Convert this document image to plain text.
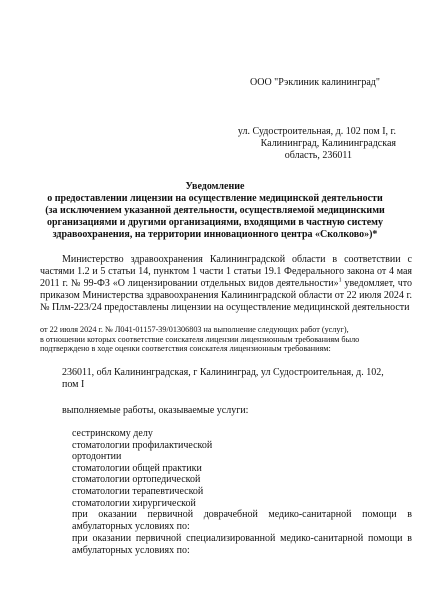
ООО "Рэклиник калининград"
ул. Судостроительная, д. 102 пом I, г.
Калининград, Калининградская
область, 236011
Уведомление
о предоставлении лицензии на осуществление медицинской деятельности
(за исключением указанной деятельности, осуществляемой медицинскими
организациями и другими организациями, входящими в частную систему
здравоохранения, на территории инновационного центра «Сколково»)*
Министерство здравоохранения Калининградской области в соответствии с частями 1.2 и 5 статьи 14, пунктом 1 части 1 статьи 19.1 Федерального закона от 4 мая 2011 г. № 99-ФЗ «О лицензировании отдельных видов деятельности»$^1$ уведомляет, что приказом Министерства здравоохранения Калининградской области от 22 июля 2024 г. № Плм-223/24 предоставлены лицензии на осуществление медицинской деятельности
от 22 июля 2024 г. № Л041-01157-39/01306803 на выполнение следующих работ (услуг),
в отношении которых соответствие соискателя лицензии лицензионным требованиям было
подтверждено в ходе оценки соответствия соискателя лицензионным требованиям:
236011, обл Калининградская, г Калининград, ул Судостроительная, д. 102, пом I
выполняемые работы, оказываемые услуги:
сестринскому делу
стоматологии профилактической
ортодонтии
стоматологии общей практики
стоматологии ортопедической
стоматологии терапевтической
стоматологии хирургической
при оказании первичной доврачебной медико-санитарной помощи в амбулаторных условиях по:
при оказании первичной специализированной медико-санитарной помощи в амбулаторных условиях по:
